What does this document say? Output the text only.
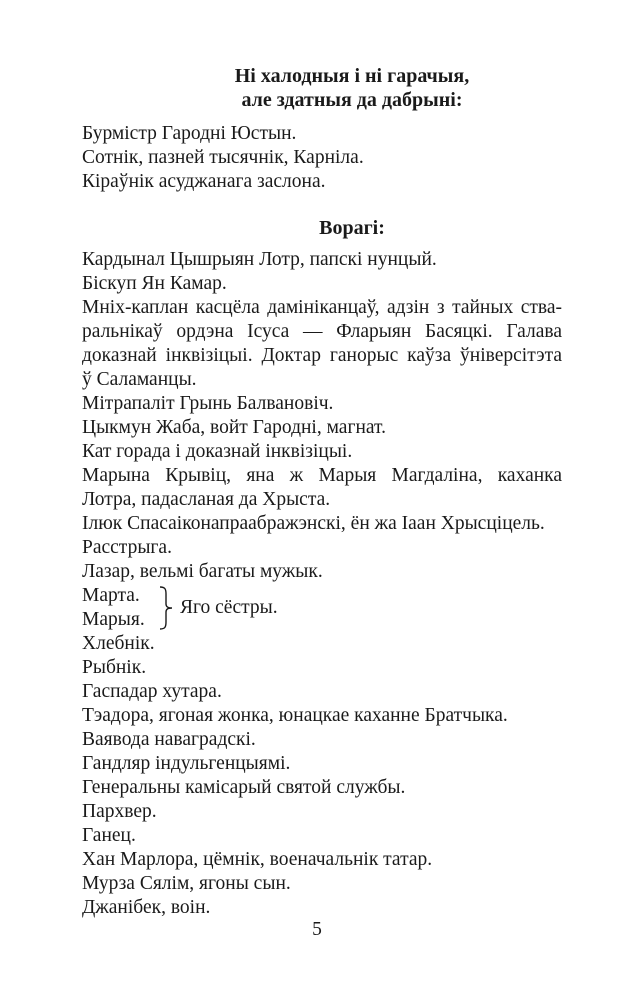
Ні халодныя і ні гарачыя,

але здатныя да дабрыні:

Бурмістр Гародні Юстын.

Сотнік, пазней тысячнік, Карніла.

Кіраўнік асуджанага заслона.

Ворагі:

Кардынал Цышрыян Лотр, папскі нунцый.

Біскуп Ян Камар.

Мніх-каплан касцёла дамініканцаў, адзін з тайных ства-

ральнікаў ордэна Ісуса — Фларыян Басяцкі. Галава

доказнай інквізіцыі. Доктар ганорыс каўза ўніверсітэта

ў Саламанцы.

Мітрапаліт Грынь Балвановіч.

Цыкмун Жаба, войт Гародні, магнат.

Кат горада і доказнай інквізіцыі.

Марына Крывіц, яна ж Марыя Магдаліна, каханка

Лотра, падасланая да Хрыста.

Ілюк Спасаіконапраабражэнскі, ён жа Іаан Хрысціцель.

Расстрыга.

Лазар, вельмі багаты мужык.

Марта.
Марыя.
Яго сёстры.

Хлебнік.

Рыбнік.

Гаспадар хутара.

Тэадора, ягоная жонка, юнацкае каханне Братчыка.

Ваявода наваградскі.

Гандляр індульгенцыямі.

Генеральны камісарый святой службы.

Пархвер.

Ганец.

Хан Марлора, цёмнік, военачальнік татар.

Мурза Сялім, ягоны сын.

Джанібек, воін.

5
